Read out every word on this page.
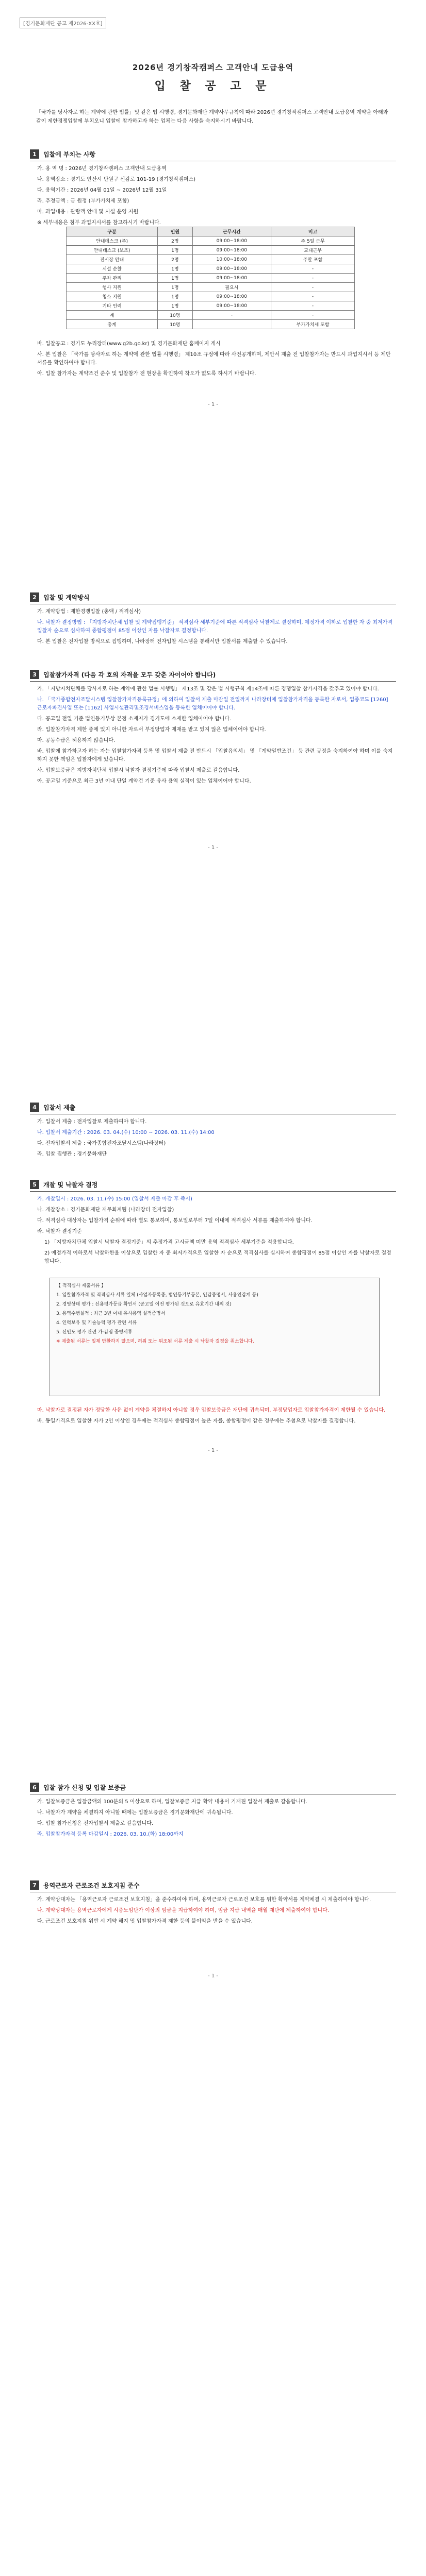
[경기문화재단 공고 제2026-XX호]
2026년 경기창작캠퍼스 고객안내 도급용역
입 찰 공 고 문
「국가를 당사자로 하는 계약에 관한 법률」및 같은 법 시행령, 경기문화재단 계약사무규칙에 따라 2026년 경기창작캠퍼스 고객안내 도급용역 계약을 아래와 같이 제한경쟁입찰에 부치오니 입찰에 참가하고자 하는 업체는 다음 사항을 숙지하시기 바랍니다.
1	입찰에 부치는 사항

가. 용 역 명 : 2026년 경기창작캠퍼스 고객안내 도급용역

나. 용역장소 : 경기도 안산시 단원구 선감로 101-19 (경기창작캠퍼스)

다. 용역기간 : 2026년 04월 01일 ~ 2026년 12월 31일

라. 추정금액 : 금 원정 (부가가치세 포함)

마. 과업내용 : 관람객 안내 및 시설 운영 지원

※ 세부내용은 첨부 과업지시서를 참고하시기 바랍니다.

구분	인원	근무시간	비고
안내데스크 (주)	2명	09:00~18:00	주 5일 근무
안내데스크 (보조)	1명	09:00~18:00	교대근무
전시장 안내	2명	10:00~18:00	주말 포함
시설 순찰	1명	09:00~18:00	-
주차 관리	1명	09:00~18:00	-
행사 지원	1명	필요시	-
청소 지원	1명	09:00~18:00	-
기타 인력	1명	09:00~18:00	-
계	10명	-	-
총계	10명		부가가치세 포함

바. 입찰공고 : 경기도 누리장터(www.g2b.go.kr) 및 경기문화재단 홈페이지 게시

사. 본 입찰은 「국가를 당사자로 하는 계약에 관한 법률 시행령」 제10조 규정에 따라 사전공개하며, 제안서 제출 전 입찰참가자는 반드시 과업지시서 등 제반 서류를 확인하여야 합니다.

아. 입찰 참가자는 계약조건 준수 및 입찰참가 전 현장을 확인하여 착오가 없도록 하시기 바랍니다.

- 1 -
2	입찰 및 계약방식

가. 계약방법 : 제한경쟁입찰 (총액 / 적격심사)

나. 낙찰자 결정방법 : 「지방자치단체 입찰 및 계약집행기준」 적격심사 세부기준에 따른 적격심사 낙찰제로 결정하며, 예정가격 이하로 입찰한 자 중 최저가격 입찰자 순으로 심사하여 종합평점이 85점 이상인 자를 낙찰자로 결정합니다.

다. 본 입찰은 전자입찰 방식으로 집행하며, 나라장터 전자입찰 시스템을 통해서만 입찰서를 제출할 수 있습니다.

3	입찰참가자격 (다음 각 호의 자격을 모두 갖춘 자이어야 합니다)

가. 「지방자치단체를 당사자로 하는 계약에 관한 법률 시행령」 제13조 및 같은 법 시행규칙 제14조에 따른 경쟁입찰 참가자격을 갖추고 있어야 합니다.

나. 「국가종합전자조달시스템 입찰참가자격등록규정」에 의하여 입찰서 제출 마감일 전일까지 나라장터에 입찰참가자격을 등록한 자로서, 업종코드 [1260] 근로자파견사업 또는 [1162] 사업시설관리및조경서비스업을 등록한 업체이어야 합니다.

다. 공고일 전일 기준 법인등기부상 본점 소재지가 경기도에 소재한 업체이어야 합니다.

라. 입찰참가자격 제한 중에 있지 아니한 자로서 부정당업자 제재를 받고 있지 않은 업체이어야 합니다.

마. 공동수급은 허용하지 않습니다.

바. 입찰에 참가하고자 하는 자는 입찰참가자격 등록 및 입찰서 제출 전 반드시 「입찰유의서」 및 「계약일반조건」 등 관련 규정을 숙지하여야 하며 이를 숙지하지 못한 책임은 입찰자에게 있습니다.

사. 입찰보증금은 지방자치단체 입찰시 낙찰자 결정기준에 따라 입찰서 제출로 갈음합니다.

아. 공고일 기준으로 최근 3년 이내 단일 계약건 기준 유사 용역 실적이 있는 업체이어야 합니다.

- 1 -
4	입찰서 제출

가. 입찰서 제출 : 전자입찰로 제출하여야 합니다.

나. 입찰서 제출기간 : 2026. 03. 04.(수) 10:00 ~ 2026. 03. 11.(수) 14:00

다. 전자입찰서 제출 : 국가종합전자조달시스템(나라장터)

라. 입찰 집행관 : 경기문화재단

5	개찰 및 낙찰자 결정

가. 개찰일시 : 2026. 03. 11.(수) 15:00 (입찰서 제출 마감 후 즉시)

나. 개찰장소 : 경기문화재단 재무회계팀 (나라장터 전자입찰)

다. 적격심사 대상자는 입찰가격 순위에 따라 별도 통보하며, 통보일로부터 7일 이내에 적격심사 서류를 제출하여야 합니다.

라. 낙찰자 결정기준

1) 「지방자치단체 입찰시 낙찰자 결정기준」의 추정가격 고시금액 미만 용역 적격심사 세부기준을 적용합니다.

2) 예정가격 이하로서 낙찰하한율 이상으로 입찰한 자 중 최저가격으로 입찰한 자 순으로 적격심사를 실시하여 종합평점이 85점 이상인 자를 낙찰자로 결정합니다.

【 적격심사 제출서류 】

1. 입찰참가자격 및 적격심사 서류 일체 (사업자등록증, 법인등기부등본, 인감증명서, 사용인감계 등)

2. 경영상태 평가 : 신용평가등급 확인서 (공고일 이전 평가된 것으로 유효기간 내의 것)

3. 용역수행실적 : 최근 3년 이내 유사용역 실적증명서

4. 인력보유 및 기술능력 평가 관련 서류

5. 신인도 평가 관련 가·감점 증빙서류

※ 제출된 서류는 일체 반환하지 않으며, 허위 또는 위조된 서류 제출 시 낙찰자 결정을 취소합니다.

마. 낙찰자로 결정된 자가 정당한 사유 없이 계약을 체결하지 아니할 경우 입찰보증금은 재단에 귀속되며, 부정당업자로 입찰참가자격이 제한될 수 있습니다.

바. 동일가격으로 입찰한 자가 2인 이상인 경우에는 적격심사 종합평점이 높은 자를, 종합평점이 같은 경우에는 추첨으로 낙찰자를 결정합니다.

- 1 -
6	입찰 참가 신청 및 입찰 보증금

가. 입찰보증금은 입찰금액의 100분의 5 이상으로 하며, 입찰보증금 지급 확약 내용이 기재된 입찰서 제출로 갈음합니다.

나. 낙찰자가 계약을 체결하지 아니할 때에는 입찰보증금은 경기문화재단에 귀속됩니다.

다. 입찰 참가신청은 전자입찰서 제출로 갈음합니다.

라. 입찰참가자격 등록 마감일시 : 2026. 03. 10.(화) 18:00까지

7	용역근로자 근로조건 보호지침 준수

가. 계약상대자는 「용역근로자 근로조건 보호지침」을 준수하여야 하며, 용역근로자 근로조건 보호를 위한 확약서를 계약체결 시 제출하여야 합니다.

나. 계약상대자는 용역근로자에게 시중노임단가 이상의 임금을 지급하여야 하며, 임금 지급 내역을 매월 재단에 제출하여야 합니다.

다. 근로조건 보호지침 위반 시 계약 해지 및 입찰참가자격 제한 등의 불이익을 받을 수 있습니다.

- 1 -
